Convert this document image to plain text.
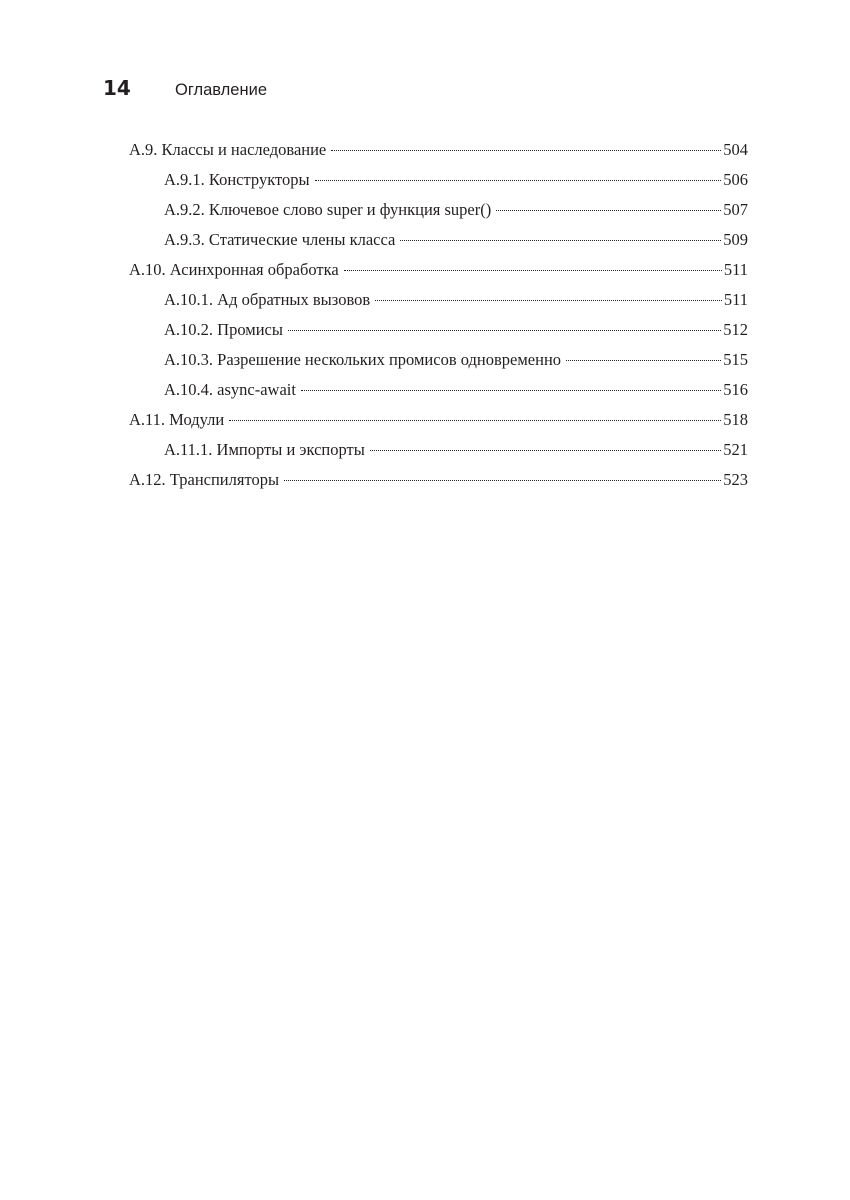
14	Оглавление
А.9. Классы и наследование	504
А.9.1. Конструкторы	506
А.9.2. Ключевое слово super и функция super()	507
А.9.3. Статические члены класса	509
А.10. Асинхронная обработка	511
А.10.1. Ад обратных вызовов	511
А.10.2. Промисы	512
А.10.3. Разрешение нескольких промисов одновременно	515
А.10.4. async-await	516
А.11. Модули	518
А.11.1. Импорты и экспорты	521
А.12. Транспиляторы	523
